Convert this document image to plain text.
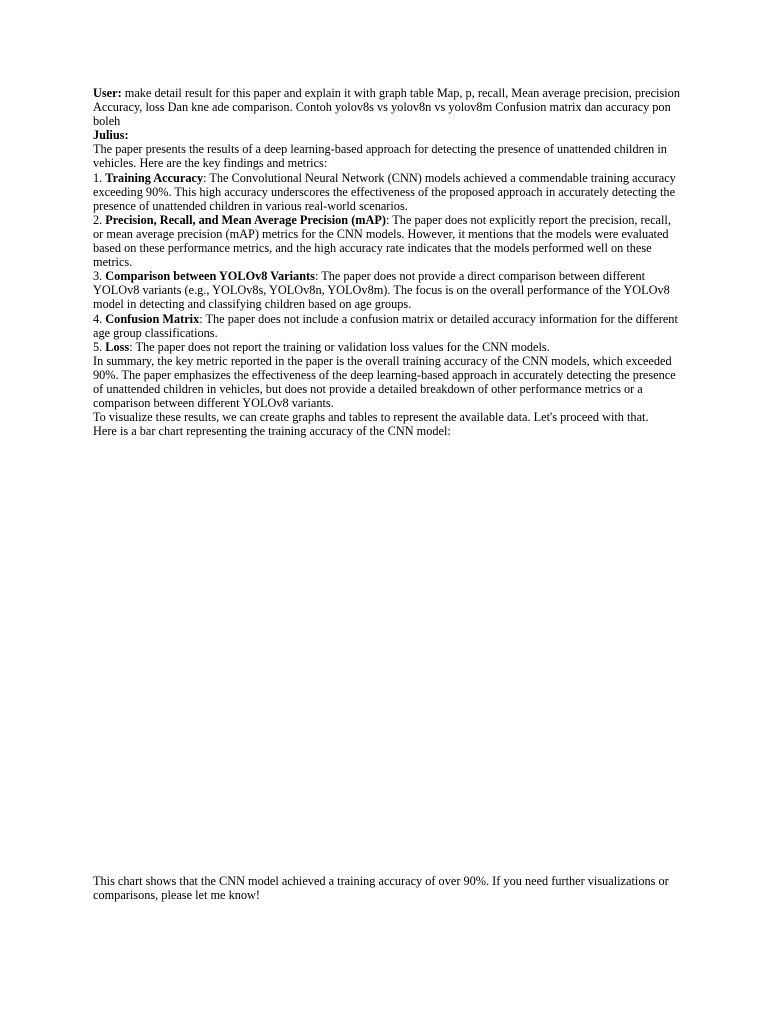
User: make detail result for this paper and explain it with graph table Map, p, recall, Mean average precision, precision Accuracy, loss Dan kne ade comparison. Contoh yolov8s vs yolov8n vs yolov8m Confusion matrix dan accuracy pon boleh

Julius:

The paper presents the results of a deep learning-based approach for detecting the presence of unattended children in vehicles. Here are the key findings and metrics:

1. Training Accuracy: The Convolutional Neural Network (CNN) models achieved a commendable training accuracy exceeding 90%. This high accuracy underscores the effectiveness of the proposed approach in accurately detecting the presence of unattended children in various real-world scenarios.

2. Precision, Recall, and Mean Average Precision (mAP): The paper does not explicitly report the precision, recall, or mean average precision (mAP) metrics for the CNN models. However, it mentions that the models were evaluated based on these performance metrics, and the high accuracy rate indicates that the models performed well on these metrics.

3. Comparison between YOLOv8 Variants: The paper does not provide a direct comparison between different YOLOv8 variants (e.g., YOLOv8s, YOLOv8n, YOLOv8m). The focus is on the overall performance of the YOLOv8 model in detecting and classifying children based on age groups.

4. Confusion Matrix: The paper does not include a confusion matrix or detailed accuracy information for the different age group classifications.

5. Loss: The paper does not report the training or validation loss values for the CNN models.

In summary, the key metric reported in the paper is the overall training accuracy of the CNN models, which exceeded 90%. The paper emphasizes the effectiveness of the deep learning-based approach in accurately detecting the presence of unattended children in vehicles, but does not provide a detailed breakdown of other performance metrics or a comparison between different YOLOv8 variants.

To visualize these results, we can create graphs and tables to represent the available data. Let's proceed with that.

Here is a bar chart representing the training accuracy of the CNN model:

This chart shows that the CNN model achieved a training accuracy of over 90%. If you need further visualizations or comparisons, please let me know!
